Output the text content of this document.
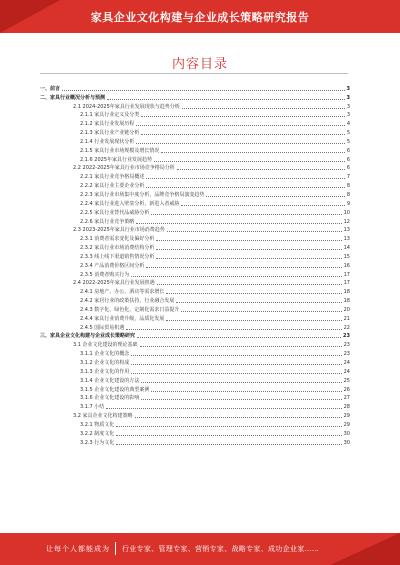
家具企业文化构建与企业成长策略研究报告
内容目录
一、前言	3
二、家具行业概况分析与预测	3
2.1 2024-2025年家具行业发展现状与趋势分析	3
2.1.1 家具行业定义及分类	3
2.1.2 家具行业发展历程	4
2.1.3 家具行业产业链分析	5
2.1.4 行业发展现状分析	5
2.1.5 家具行业市场规模及增长情况	6
2.1.6 2025年家具行业发展趋势	6
2.2 2022-2025年家具行业市场竞争格局分析	6
2.2.1 家具行业竞争格局概述	7
2.2.2 家具行业主要企业分析	8
2.2.3 家具行业市场集中度分析，品牌竞争格局演变趋势	8
2.2.4 家具行业进入壁垒分析，新进入者威胁	9
2.2.5 家具行业替代品威胁分析	10
2.2.6 家具行业竞争策略	12
2.3 2023-2025年家具行业市场消费趋势	13
2.3.1 消费者需求变化及偏好分析	13
2.3.2 家具行业市场消费结构分析	14
2.3.3 线上线下渠道销售情况分析	15
2.3.4 产品消费价格区间分析	16
2.3.5 消费者购买行为	17
2.4 2022-2025年家具行业发展机遇	17
2.4.1 房地产、办公、酒店等需求增长	18
2.4.2 家居行业的政策扶持，行业融合发展	18
2.4.3 数字化、绿色化、定制化需求日益提升	20
2.4.4 家具行业消费升级，品质化发展	21
2.4.5 国际贸易机遇	22
三、家具企业文化构建与企业成长策略研究	23
3.1 企业文化建设的理论基础	23
3.1.1 企业文化的概念	23
3.1.2 企业文化的构成	24
3.1.3 企业文化的作用	24
3.1.4 企业文化建设的方法	25
3.1.5 企业文化建设的典型案例	26
3.1.6 企业文化建设的影响	27
3.1.7 小结	28
3.2 家具企业文化构建策略	29
3.2.1 物质文化	29
3.2.2 制度文化	30
3.2.3 行为文化	30
让每个人都能成为 行业专家、管理专家、营销专家、战略专家、成功企业家……
